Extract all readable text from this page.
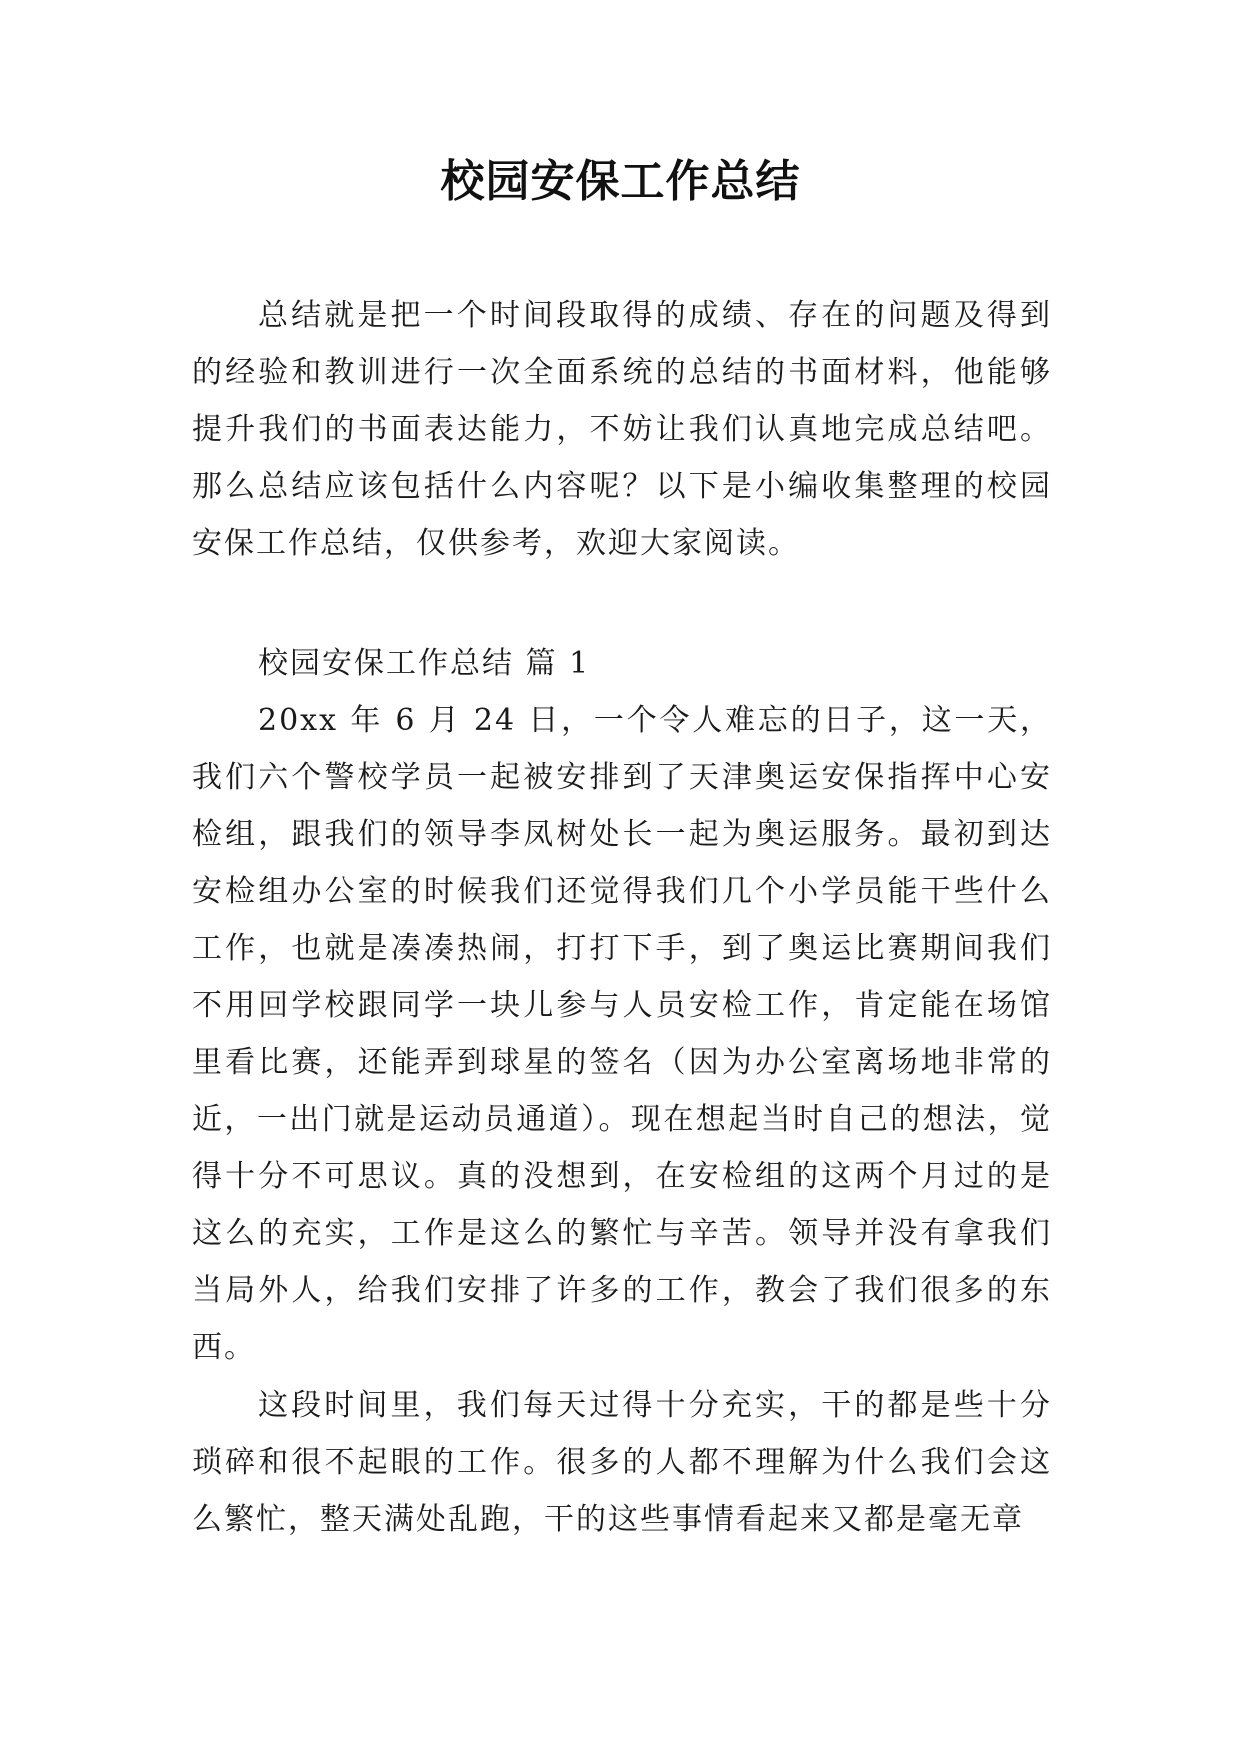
校园安保工作总结

总结就是把一个时间段取得的成绩、存在的问题及得到的经验和教训进行一次全面系统的总结的书面材料，他能够提升我们的书面表达能力，不妨让我们认真地完成总结吧。那么总结应该包括什么内容呢？以下是小编收集整理的校园安保工作总结，仅供参考，欢迎大家阅读。

校园安保工作总结 篇 1

20xx 年 6 月 24 日，一个令人难忘的日子，这一天，我们六个警校学员一起被安排到了天津奥运安保指挥中心安检组，跟我们的领导李凤树处长一起为奥运服务。最初到达安检组办公室的时候我们还觉得我们几个小学员能干些什么工作，也就是凑凑热闹，打打下手，到了奥运比赛期间我们不用回学校跟同学一块儿参与人员安检工作，肯定能在场馆里看比赛，还能弄到球星的签名（因为办公室离场地非常的近，一出门就是运动员通道）。现在想起当时自己的想法，觉得十分不可思议。真的没想到，在安检组的这两个月过的是这么的充实，工作是这么的繁忙与辛苦。领导并没有拿我们当局外人，给我们安排了许多的工作，教会了我们很多的东西。

这段时间里，我们每天过得十分充实，干的都是些十分琐碎和很不起眼的工作。很多的人都不理解为什么我们会这么繁忙，整天满处乱跑，干的这些事情看起来又都是毫无章
